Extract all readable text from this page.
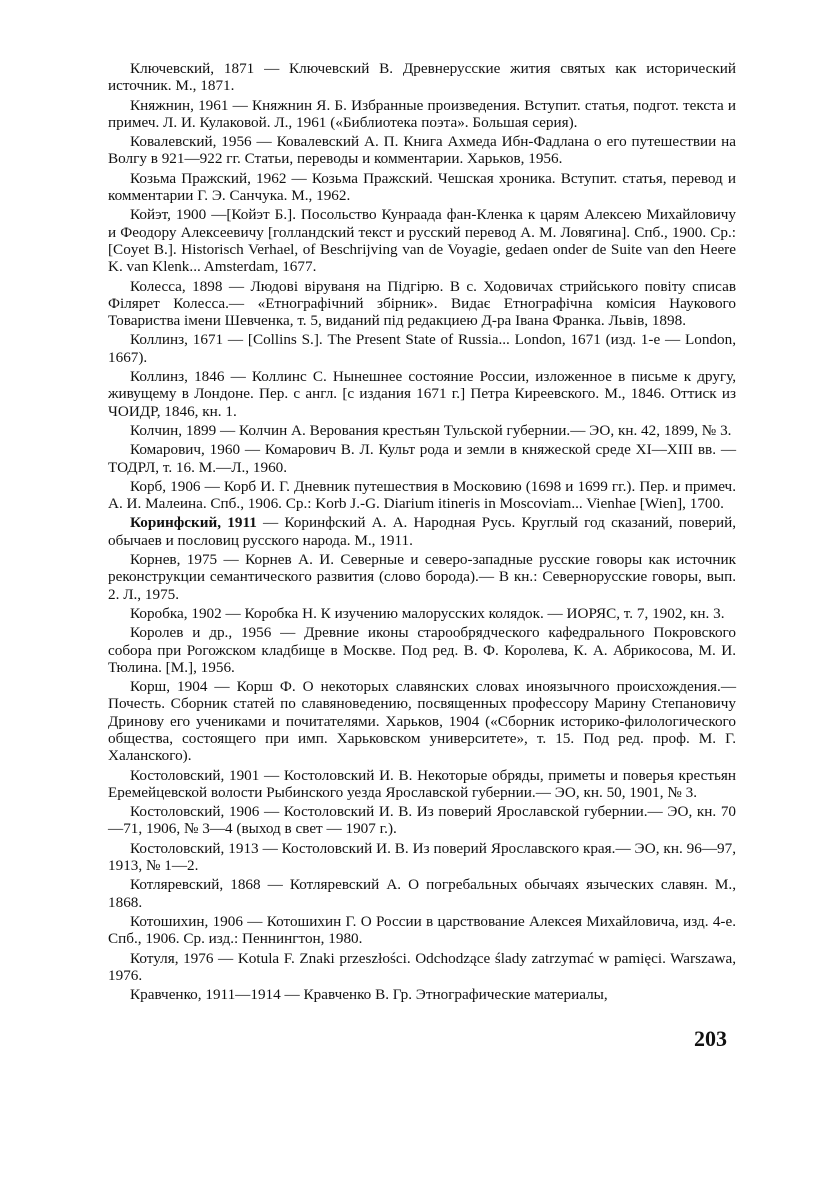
Ключевский, 1871 — Ключевский В. Древнерусские жития святых как исторический источник. М., 1871.

Княжнин, 1961 — Княжнин Я. Б. Избранные произведения. Вступит. статья, подгот. текста и примеч. Л. И. Кулаковой. Л., 1961 («Библиотека поэта». Большая серия).

Ковалевский, 1956 — Ковалевский А. П. Книга Ахмеда Ибн-Фадлана о его путешествии на Волгу в 921—922 гг. Статьи, переводы и комментарии. Харьков, 1956.

Козьма Пражский, 1962 — Козьма Пражский. Чешская хроника. Вступит. статья, перевод и комментарии Г. Э. Санчука. М., 1962.

Койэт, 1900 —[Койэт Б.]. Посольство Кунраада фан-Кленка к царям Алексею Михайловичу и Феодору Алексеевичу [голландский текст и русский перевод А. М. Ловягина]. Спб., 1900. Ср.: [Coyet B.]. Historisch Verhael, of Beschrijving van de Voyagie, gedaen onder de Suite van den Heere K. van Klenk... Amsterdam, 1677.

Колесса, 1898 — Людові віруваня на Підгірю. В с. Ходовичах стрийського повіту списав Філярет Колесса.— «Етнографічний збірник». Видає Етнографічна комісия Наукового Товариства імени Шевченка, т. 5, виданий під редакциею Д-ра Івана Франка. Львів, 1898.

Коллинз, 1671 — [Collins S.]. The Present State of Russia... London, 1671 (изд. 1-е — London, 1667).

Коллинз, 1846 — Коллинс С. Нынешнее состояние России, изложенное в письме к другу, живущему в Лондоне. Пер. с англ. [с издания 1671 г.] Петра Киреевского. М., 1846. Оттиск из ЧОИДР, 1846, кн. 1.

Колчин, 1899 — Колчин А. Верования крестьян Тульской губернии.— ЭО, кн. 42, 1899, № 3.

Комарович, 1960 — Комарович В. Л. Культ рода и земли в княжеской среде XI—XIII вв. — ТОДРЛ, т. 16. М.—Л., 1960.

Корб, 1906 — Корб И. Г. Дневник путешествия в Московию (1698 и 1699 гг.). Пер. и примеч. А. И. Малеина. Спб., 1906. Ср.: Korb J.-G. Diarium itineris in Moscoviam... Vienhae [Wien], 1700.

Коринфский, 1911 — Коринфский А. А. Народная Русь. Круглый год сказаний, поверий, обычаев и пословиц русского народа. М., 1911.

Корнев, 1975 — Корнев А. И. Северные и северо-западные русские говоры как источник реконструкции семантического развития (слово борода).— В кн.: Севернорусские говоры, вып. 2. Л., 1975.

Коробка, 1902 — Коробка Н. К изучению малорусских колядок. — ИОРЯС, т. 7, 1902, кн. 3.

Королев и др., 1956 — Древние иконы старообрядческого кафедрального Покровского собора при Рогожском кладбище в Москве. Под ред. В. Ф. Королева, К. А. Абрикосова, М. И. Тюлина. [М.], 1956.

Корш, 1904 — Корш Ф. О некоторых славянских словах иноязычного происхождения.— Почесть. Сборник статей по славяноведению, посвященных профессору Марину Степановичу Дринову его учениками и почитателями. Харьков, 1904 («Сборник историко-филологического общества, состоящего при имп. Харьковском университете», т. 15. Под ред. проф. М. Г. Халанского).

Костоловский, 1901 — Костоловский И. В. Некоторые обряды, приметы и поверья крестьян Еремейцевской волости Рыбинского уезда Ярославской губернии.— ЭО, кн. 50, 1901, № 3.

Костоловский, 1906 — Костоловский И. В. Из поверий Ярославской губернии.— ЭО, кн. 70—71, 1906, № 3—4 (выход в свет — 1907 г.).

Костоловский, 1913 — Костоловский И. В. Из поверий Ярославского края.— ЭО, кн. 96—97, 1913, № 1—2.

Котляревский, 1868 — Котляревский А. О погребальных обычаях языческих славян. М., 1868.

Котошихин, 1906 — Котошихин Г. О России в царствование Алексея Михайловича, изд. 4-е. Спб., 1906. Ср. изд.: Пеннингтон, 1980.

Котуля, 1976 — Kotula F. Znaki przeszłości. Odchodzące ślady zatrzymać w pamięci. Warszawa, 1976.

Кравченко, 1911—1914 — Кравченко В. Гр. Этнографические материалы,

203
